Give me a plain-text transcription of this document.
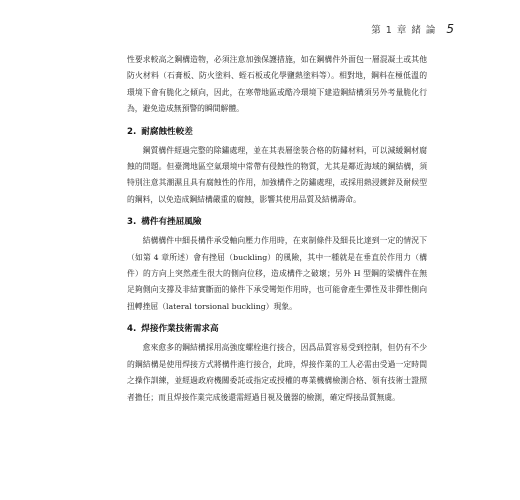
第 1 章 緒 論 5

性要求較高之鋼構造物，必須注意加強保護措施，如在鋼構件外面包一層混凝土或其他防火材料（石膏板、防火塗料、蛭石板或化學鹽熱塗料等）。相對地，鋼料在極低溫的環境下會有脆化之傾向，因此，在寒帶地區或酷冷環境下建造鋼結構須另外考量脆化行為，避免造成無預警的瞬間解體。

2. 耐腐蝕性較差

鋼質構件經過完整的除鏽處理，並在其表層塗裝合格的防鏽材料，可以減緩鋼材腐蝕的問題。但臺灣地區空氣環境中常帶有侵蝕性的物質，尤其是鄰近海域的鋼結構，須特別注意其潮濕且具有腐蝕性的作用，加強構件之防鏽處理，或採用熱浸鍍鋅及耐候型的鋼料，以免造成鋼結構嚴重的腐蝕，影響其使用品質及結構壽命。

3. 構件有挫屈風險

結構構件中細長構件承受軸向壓力作用時，在束制條件及細長比達到一定的情況下（如第 4 章所述）會有挫屈（buckling）的風險，其中一種就是在垂直於作用力（構件）的方向上突然產生很大的側向位移，造成構件之破壞；另外 H 型鋼的梁構件在無足夠側向支撐及非結實斷面的條件下承受彎矩作用時，也可能會產生彈性及非彈性側向扭轉挫屈（lateral torsional buckling）現象。

4. 焊接作業技術需求高

愈來愈多的鋼結構採用高強度螺栓進行接合，因爲品質容易受到控制，但仍有不少的鋼結構是使用焊接方式將構件進行接合，此時，焊接作業的工人必需由受過一定時間之操作訓練，並經過政府機關委託或指定或授權的專業機構檢測合格、領有技術士證照者擔任；而且焊接作業完成後還需經過目視及儀器的檢測，確定焊接品質無虞。
